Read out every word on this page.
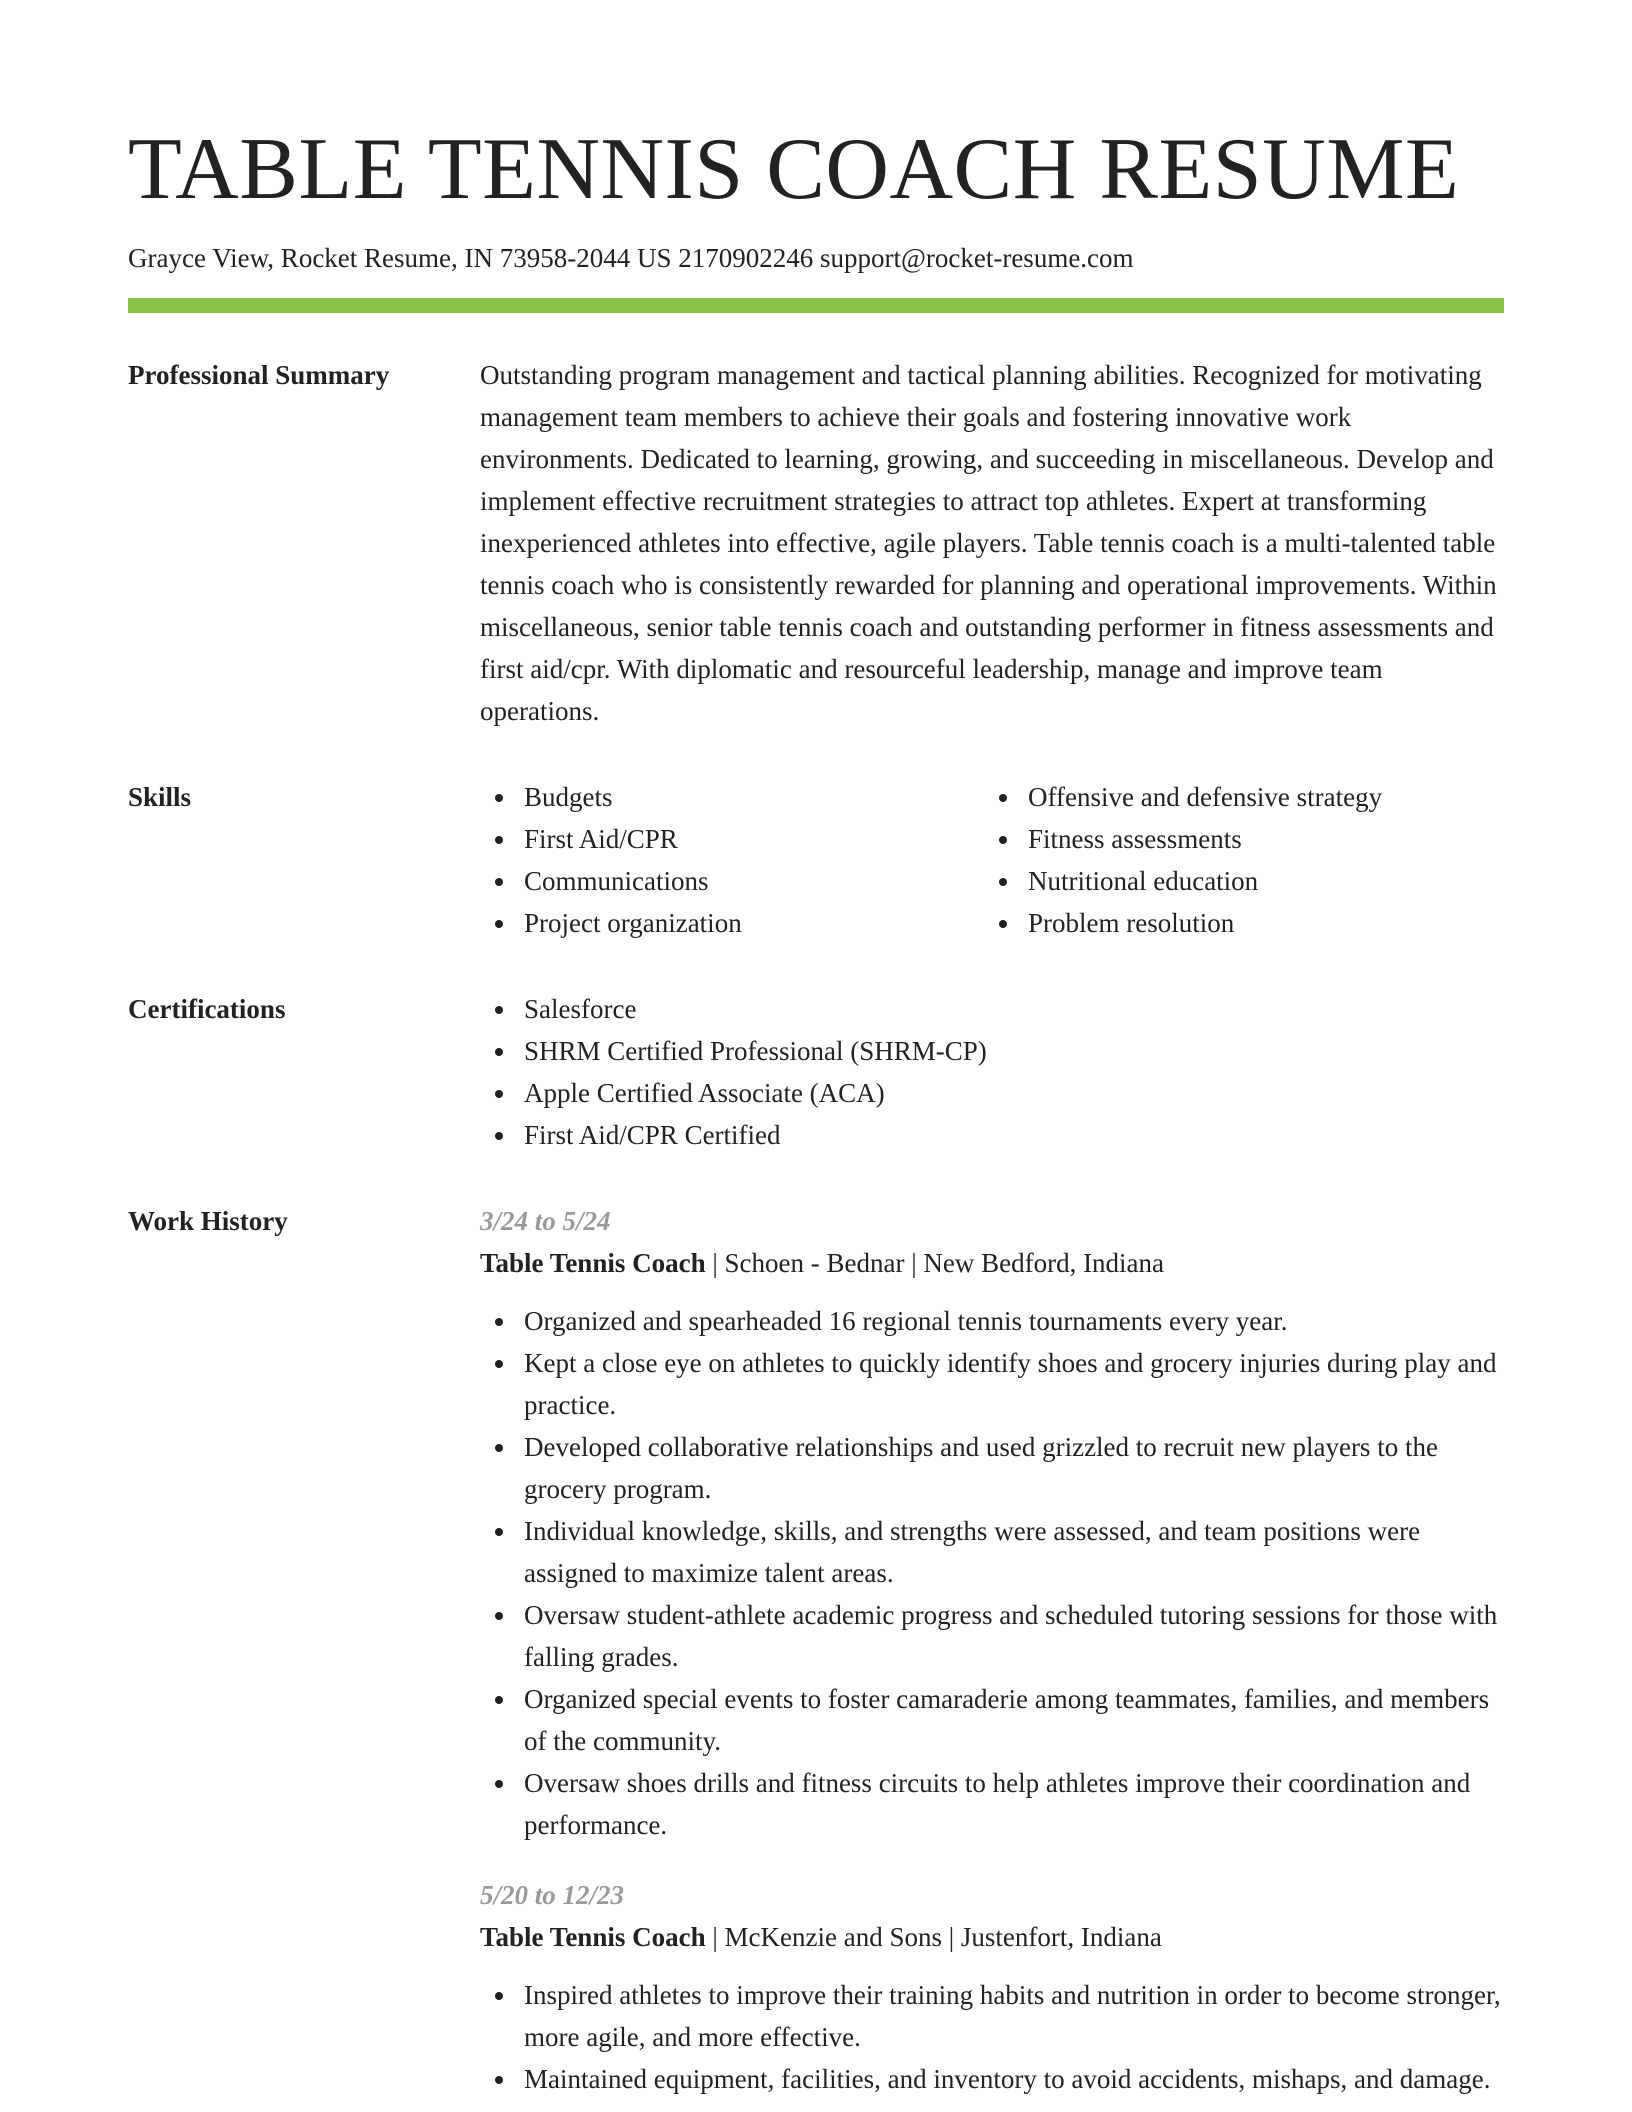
TABLE TENNIS COACH RESUME
Grayce View, Rocket Resume, IN 73958-2044 US 2170902246 support@rocket-resume.com
Professional Summary	Outstanding program management and tactical planning abilities. Recognized for motivating management team members to achieve their goals and fostering innovative work environments. Dedicated to learning, growing, and succeeding in miscellaneous. Develop and implement effective recruitment strategies to attract top athletes. Expert at transforming inexperienced athletes into effective, agile players. Table tennis coach is a multi-talented table tennis coach who is consistently rewarded for planning and operational improvements. Within miscellaneous, senior table tennis coach and outstanding performer in fitness assessments and first aid/cpr. With diplomatic and resourceful leadership, manage and improve team operations.

Skills	Budgets
First Aid/CPR
Communications
Project organization
Offensive and defensive strategy
Fitness assessments
Nutritional education
Problem resolution
Certifications	Salesforce
SHRM Certified Professional (SHRM-CP)
Apple Certified Associate (ACA)
First Aid/CPR Certified
Work History	3/24 to 5/24
Table Tennis Coach | Schoen - Bednar | New Bedford, Indiana
Organized and spearheaded 16 regional tennis tournaments every year.
Kept a close eye on athletes to quickly identify shoes and grocery injuries during play and practice.
Developed collaborative relationships and used grizzled to recruit new players to the grocery program.
Individual knowledge, skills, and strengths were assessed, and team positions were assigned to maximize talent areas.
Oversaw student-athlete academic progress and scheduled tutoring sessions for those with falling grades.
Organized special events to foster camaraderie among teammates, families, and members of the community.
Oversaw shoes drills and fitness circuits to help athletes improve their coordination and performance.
5/20 to 12/23
Table Tennis Coach | McKenzie and Sons | Justenfort, Indiana
Inspired athletes to improve their training habits and nutrition in order to become stronger, more agile, and more effective.
Maintained equipment, facilities, and inventory to avoid accidents, mishaps, and damage.
